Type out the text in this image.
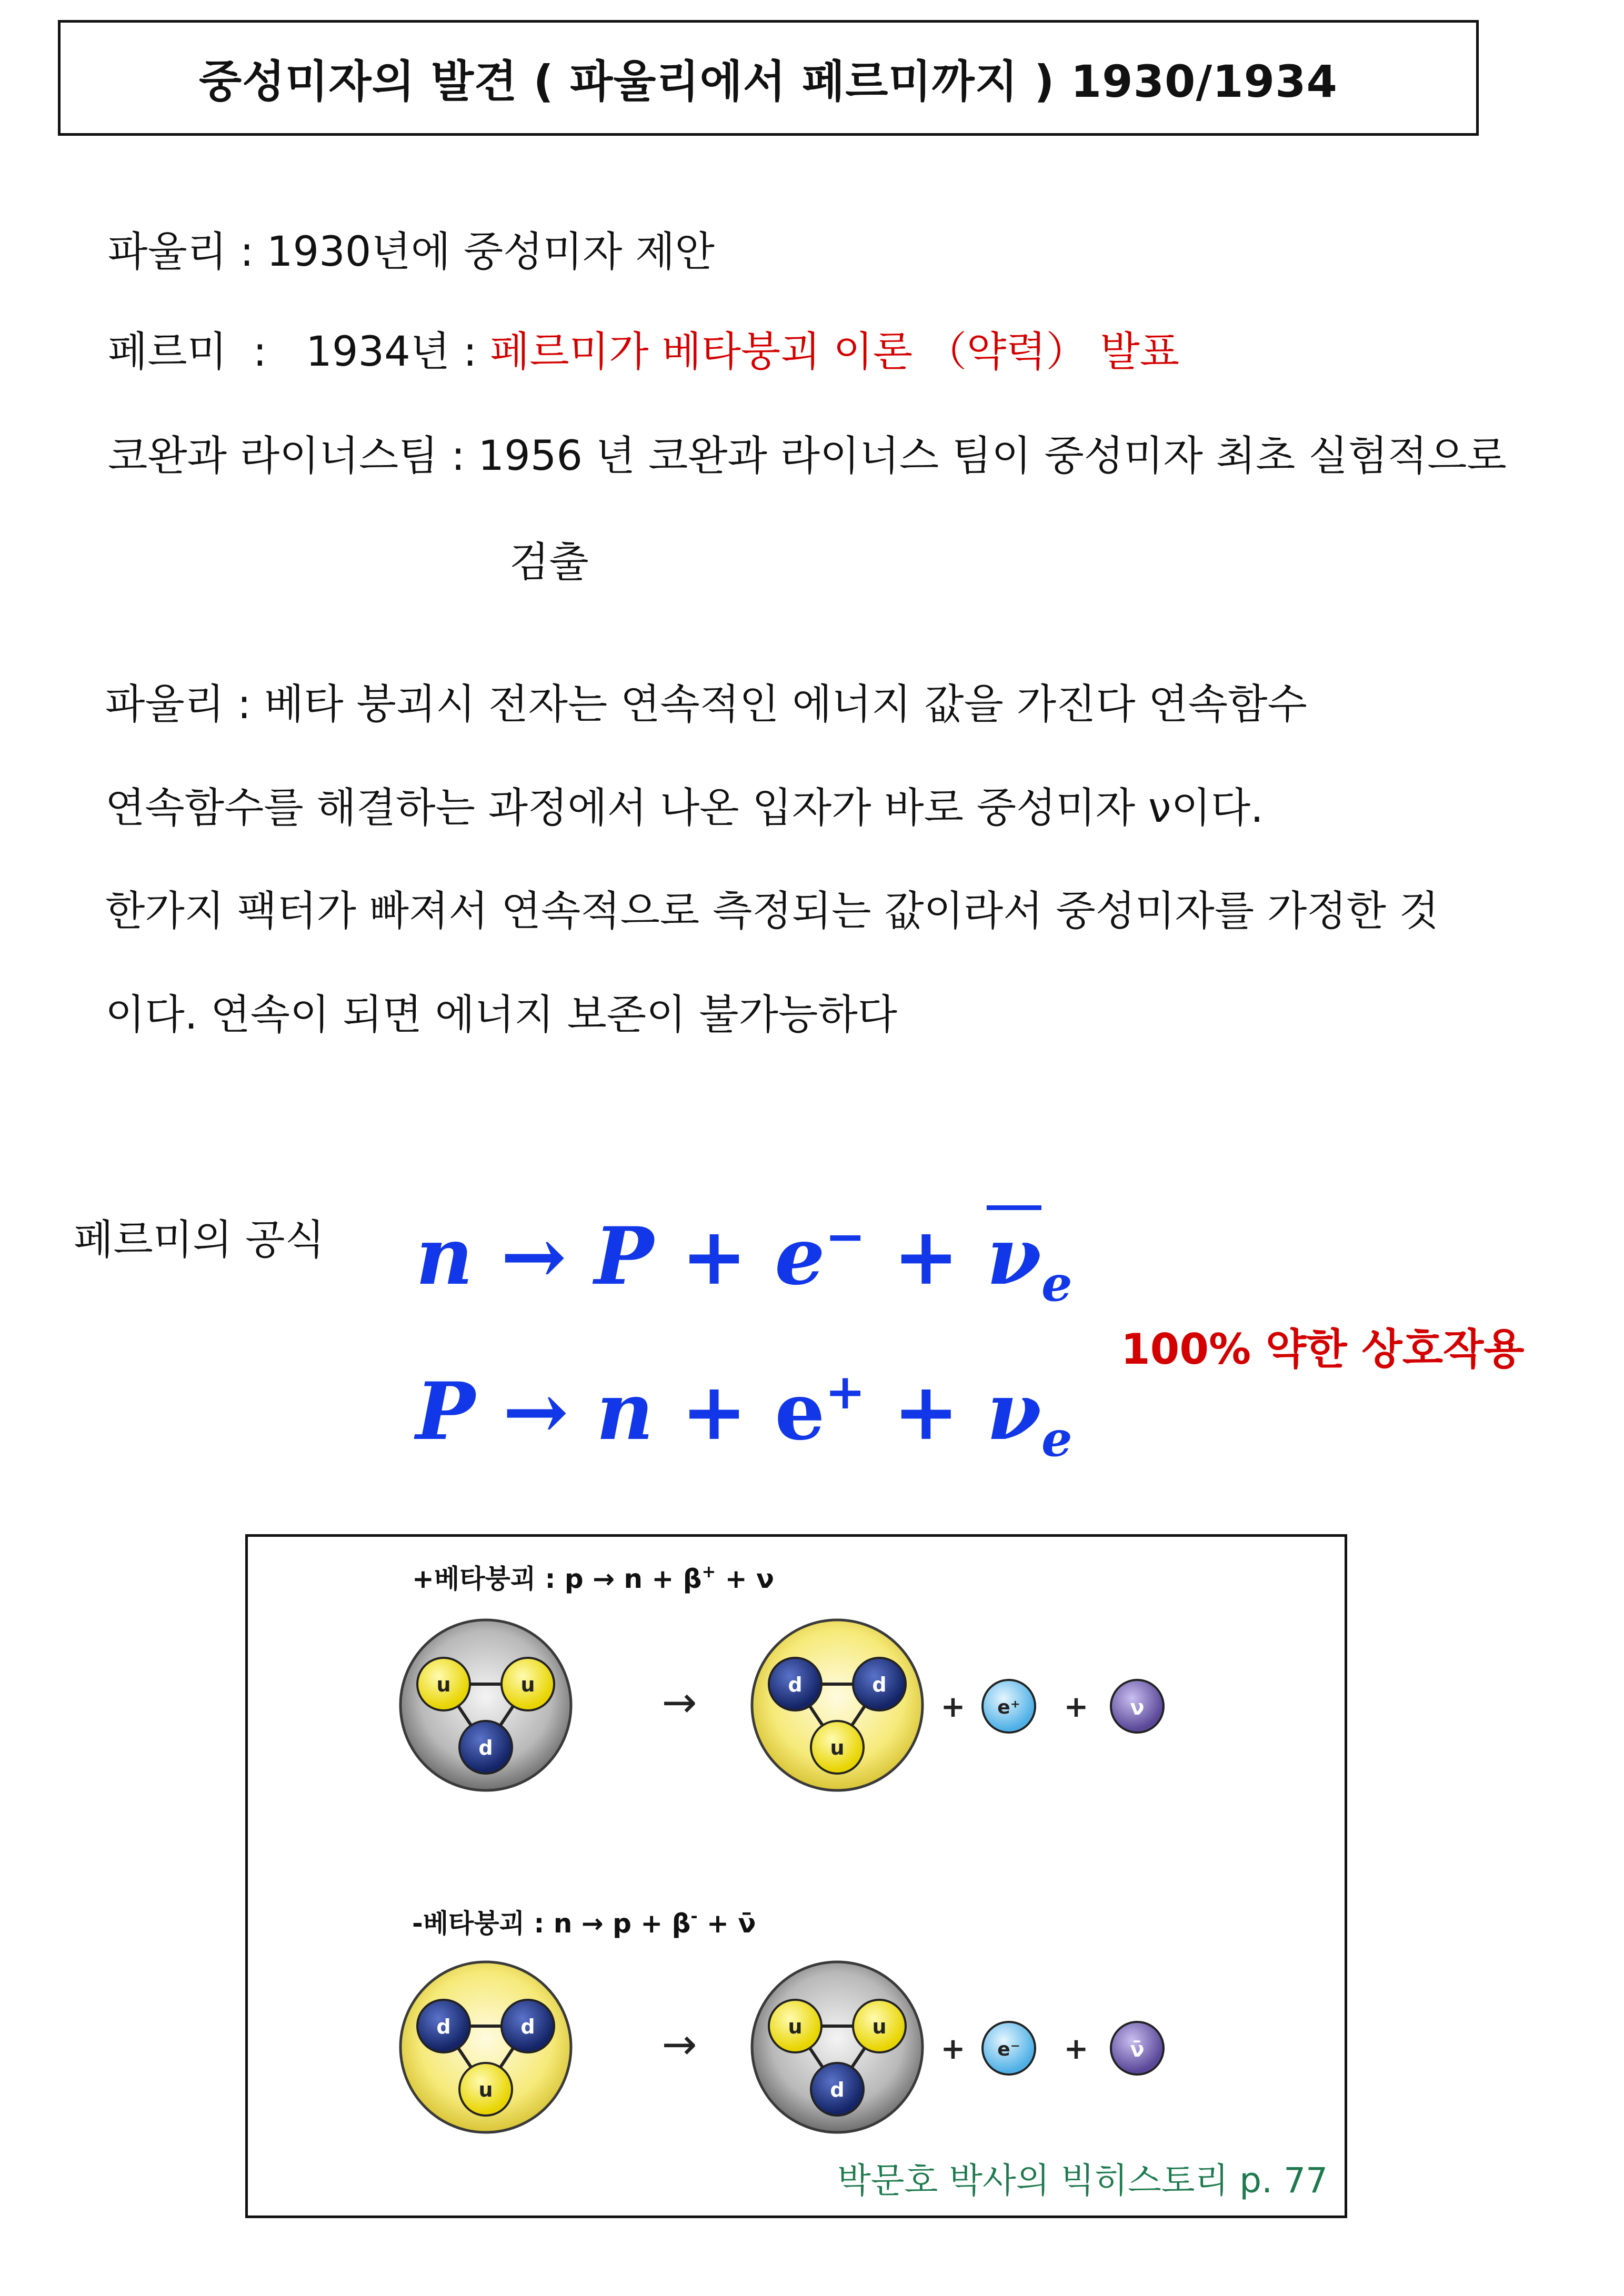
중성미자의 발견 ( 파울리에서 페르미까지 ) 1930/1934
파울리 : 1930년에 중성미자 제안
페르미  :   1934년 : 페르미가 베타붕괴 이론 （약력） 발표
코완과 라이너스팀 : 1956 년 코완과 라이너스 팀이 중성미자 최초 실험적으로
검출
파울리 : 베타 붕괴시 전자는 연속적인 에너지 값을 가진다 연속함수
연속함수를 해결하는 과정에서 나온 입자가 바로 중성미자 ν이다.
한가지 팩터가 빠져서 연속적으로 측정되는 값이라서 중성미자를 가정한 것
이다. 연속이 되면 에너지 보존이 불가능하다
페르미의 공식 $n \to P + e^- + \overline{\nu}_e$
$P \to n + e^+ + \nu_e$
100% 약한 상호작용
+베타붕괴 : p → n + β+ + ν
-베타붕괴 : n → p + β- + ν̄
u	u
d
→	d	d
u
+ e⁺ + ν
d	d
u
→	u	u
d
+ e⁻ + ν̄
박문호 박사의 빅히스토리 p. 77
